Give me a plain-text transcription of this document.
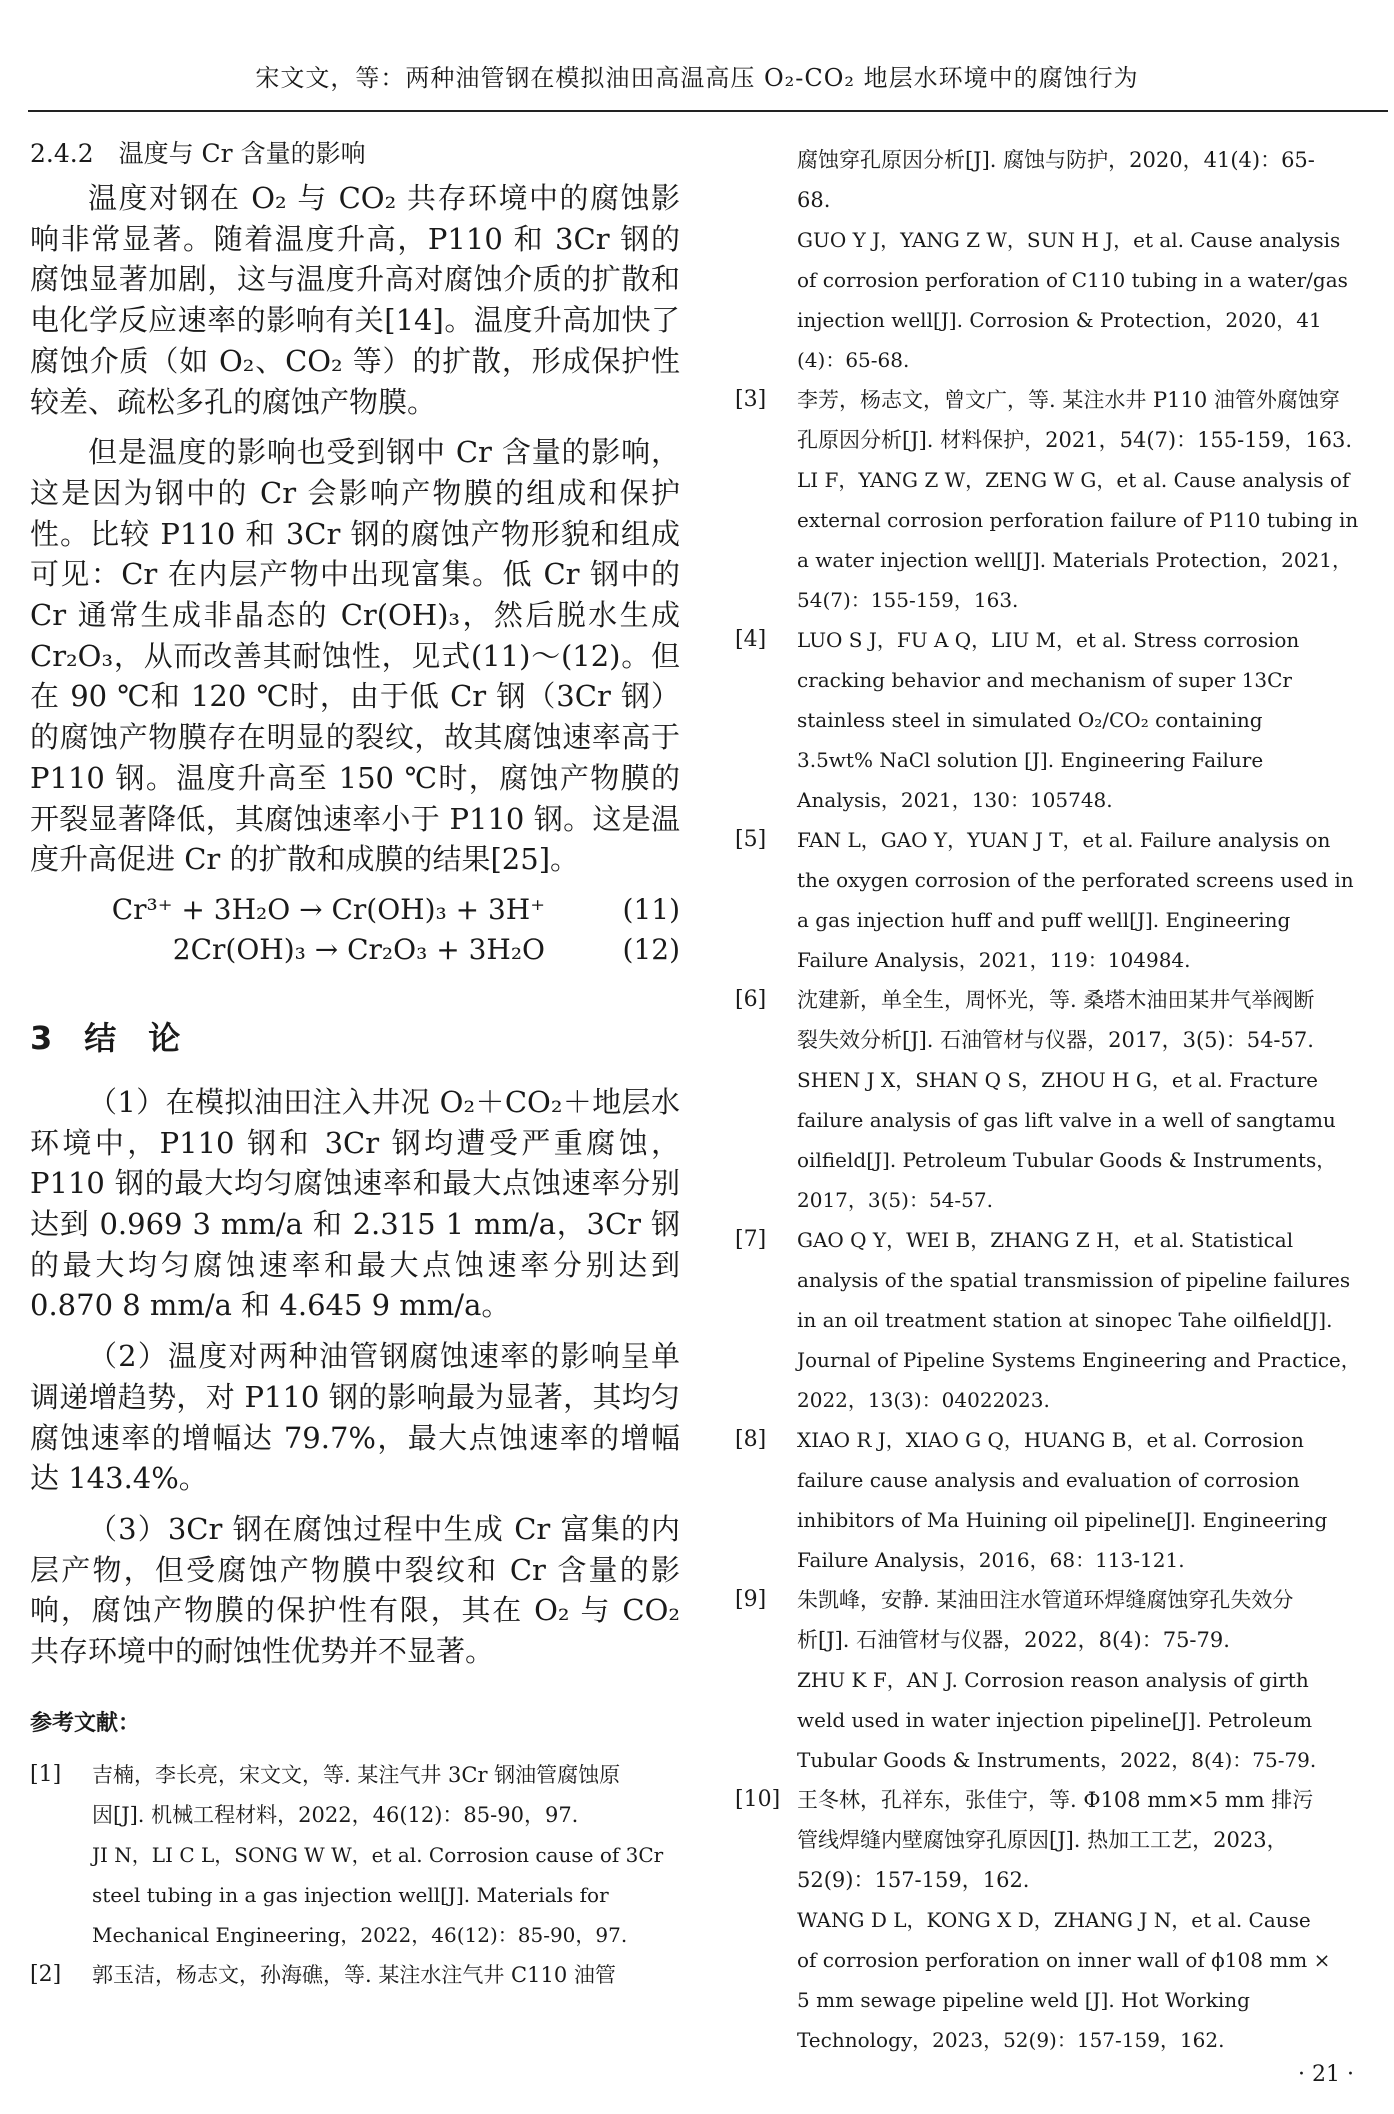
宋文文，等：两种油管钢在模拟油田高温高压 O₂-CO₂ 地层水环境中的腐蚀行为
2.4.2　温度与 Cr 含量的影响

温度对钢在 O₂ 与 CO₂ 共存环境中的腐蚀影响非常显著。随着温度升高，P110 和 3Cr 钢的腐蚀显著加剧，这与温度升高对腐蚀介质的扩散和电化学反应速率的影响有关[14]。温度升高加快了腐蚀介质（如 O₂、CO₂ 等）的扩散，形成保护性较差、疏松多孔的腐蚀产物膜。

但是温度的影响也受到钢中 Cr 含量的影响，这是因为钢中的 Cr 会影响产物膜的组成和保护性。比较 P110 和 3Cr 钢的腐蚀产物形貌和组成可见：Cr 在内层产物中出现富集。低 Cr 钢中的 Cr 通常生成非晶态的 Cr(OH)₃，然后脱水生成 Cr₂O₃，从而改善其耐蚀性，见式(11)～(12)。但在 90 ℃和 120 ℃时，由于低 Cr 钢（3Cr 钢）的腐蚀产物膜存在明显的裂纹，故其腐蚀速率高于 P110 钢。温度升高至 150 ℃时，腐蚀产物膜的开裂显著降低，其腐蚀速率小于 P110 钢。这是温度升高促进 Cr 的扩散和成膜的结果[25]。

Cr³⁺ + 3H₂O → Cr(OH)₃ + 3H⁺	(11)
2Cr(OH)₃ → Cr₂O₃ + 3H₂O	(12)
3　结　论

（1）在模拟油田注入井况 O₂＋CO₂＋地层水环境中，P110 钢和 3Cr 钢均遭受严重腐蚀，P110 钢的最大均匀腐蚀速率和最大点蚀速率分别达到 0.969 3 mm/a 和 2.315 1 mm/a，3Cr 钢的最大均匀腐蚀速率和最大点蚀速率分别达到 0.870 8 mm/a 和 4.645 9 mm/a。

（2）温度对两种油管钢腐蚀速率的影响呈单调递增趋势，对 P110 钢的影响最为显著，其均匀腐蚀速率的增幅达 79.7%，最大点蚀速率的增幅达 143.4%。

（3）3Cr 钢在腐蚀过程中生成 Cr 富集的内层产物，但受腐蚀产物膜中裂纹和 Cr 含量的影响，腐蚀产物膜的保护性有限，其在 O₂ 与 CO₂ 共存环境中的耐蚀性优势并不显著。

参考文献：
[1]	吉楠，李长亮，宋文文，等. 某注气井 3Cr 钢油管腐蚀原

因[J]. 机械工程材料，2022，46(12)：85-90，97.

JI N，LI C L，SONG W W，et al. Corrosion cause of 3Cr

steel tubing in a gas injection well[J]. Materials for

Mechanical Engineering，2022，46(12)：85-90，97.

[2]	郭玉洁，杨志文，孙海礁，等. 某注水注气井 C110 油管

腐蚀穿孔原因分析[J]. 腐蚀与防护，2020，41(4)：65-

68.

GUO Y J，YANG Z W，SUN H J，et al. Cause analysis

of corrosion perforation of C110 tubing in a water/gas

injection well[J]. Corrosion & Protection，2020，41

(4)：65-68.

[3]	李芳，杨志文，曾文广，等. 某注水井 P110 油管外腐蚀穿

孔原因分析[J]. 材料保护，2021，54(7)：155-159，163.

LI F，YANG Z W，ZENG W G，et al. Cause analysis of

external corrosion perforation failure of P110 tubing in

a water injection well[J]. Materials Protection，2021，

54(7)：155-159，163.

[4]	LUO S J，FU A Q，LIU M，et al. Stress corrosion

cracking behavior and mechanism of super 13Cr

stainless steel in simulated O₂/CO₂ containing

3.5wt% NaCl solution [J]. Engineering Failure

Analysis，2021，130：105748.

[5]	FAN L，GAO Y，YUAN J T，et al. Failure analysis on

the oxygen corrosion of the perforated screens used in

a gas injection huff and puff well[J]. Engineering

Failure Analysis，2021，119：104984.

[6]	沈建新，单全生，周怀光，等. 桑塔木油田某井气举阀断

裂失效分析[J]. 石油管材与仪器，2017，3(5)：54-57.

SHEN J X，SHAN Q S，ZHOU H G，et al. Fracture

failure analysis of gas lift valve in a well of sangtamu

oilfield[J]. Petroleum Tubular Goods & Instruments，

2017，3(5)：54-57.

[7]	GAO Q Y，WEI B，ZHANG Z H，et al. Statistical

analysis of the spatial transmission of pipeline failures

in an oil treatment station at sinopec Tahe oilfield[J].

Journal of Pipeline Systems Engineering and Practice，

2022，13(3)：04022023.

[8]	XIAO R J，XIAO G Q，HUANG B，et al. Corrosion

failure cause analysis and evaluation of corrosion

inhibitors of Ma Huining oil pipeline[J]. Engineering

Failure Analysis，2016，68：113-121.

[9]	朱凯峰，安静. 某油田注水管道环焊缝腐蚀穿孔失效分

析[J]. 石油管材与仪器，2022，8(4)：75-79.

ZHU K F，AN J. Corrosion reason analysis of girth

weld used in water injection pipeline[J]. Petroleum

Tubular Goods & Instruments，2022，8(4)：75-79.

[10] 王冬林，孔祥东，张佳宁，等. Φ108 mm×5 mm 排污

管线焊缝内壁腐蚀穿孔原因[J]. 热加工工艺，2023，

52(9)：157-159，162.

WANG D L，KONG X D，ZHANG J N，et al. Cause

of corrosion perforation on inner wall of ϕ108 mm ×

5 mm sewage pipeline weld [J]. Hot Working

Technology，2023，52(9)：157-159，162.

· 21 ·
